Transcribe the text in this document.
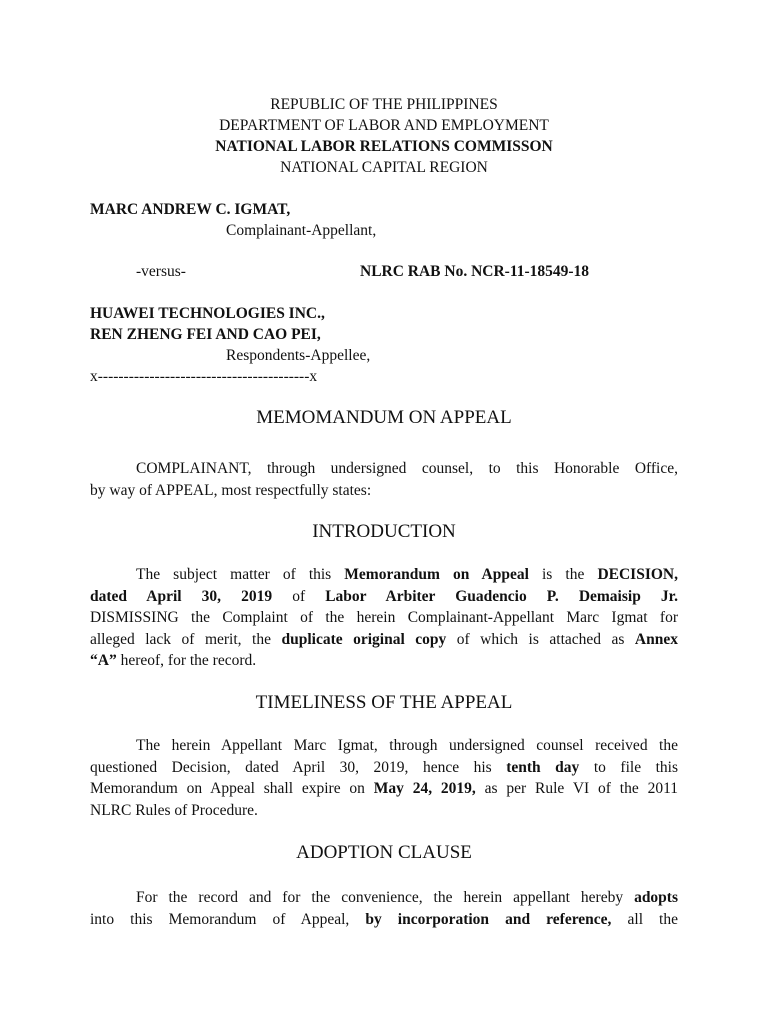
REPUBLIC OF THE PHILIPPINES
DEPARTMENT OF LABOR AND EMPLOYMENT
NATIONAL LABOR RELATIONS COMMISSON
NATIONAL CAPITAL REGION
MARC ANDREW C. IGMAT,
Complainant-Appellant,
-versus-	NLRC RAB No. NCR-11-18549-18
HUAWEI TECHNOLOGIES INC.,
REN ZHENG FEI AND CAO PEI,
Respondents-Appellee,
x-----------------------------------------x
MEMOMANDUM ON APPEAL
COMPLAINANT, through undersigned counsel, to this Honorable Office,
by way of APPEAL, most respectfully states:
INTRODUCTION
The subject matter of this Memorandum on Appeal is the DECISION,
dated April 30, 2019 of Labor Arbiter Guadencio P. Demaisip Jr.
DISMISSING the Complaint of the herein Complainant-Appellant Marc Igmat for
alleged lack of merit, the duplicate original copy of which is attached as Annex
“A” hereof, for the record.
TIMELINESS OF THE APPEAL
The herein Appellant Marc Igmat, through undersigned counsel received the
questioned Decision, dated April 30, 2019, hence his tenth day to file this
Memorandum on Appeal shall expire on May 24, 2019, as per Rule VI of the 2011
NLRC Rules of Procedure.
ADOPTION CLAUSE
For the record and for the convenience, the herein appellant hereby adopts
into this Memorandum of Appeal, by incorporation and reference, all the
